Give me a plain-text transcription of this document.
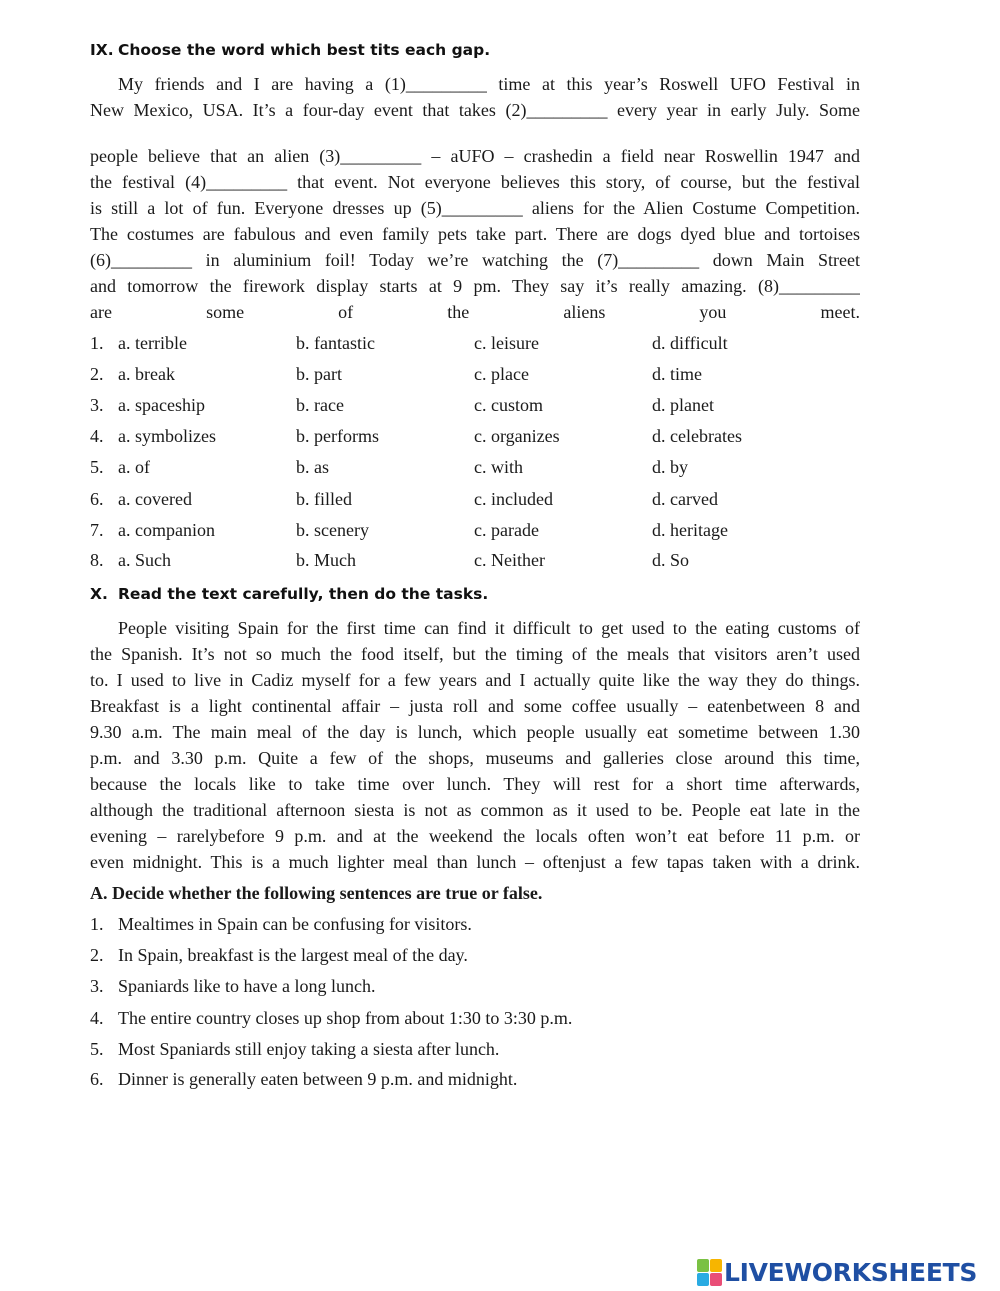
IX. Choose the word which best tits each gap.
My friends and I are having a (1)_________ time at this year’s Roswell UFO Festival in
New Mexico, USA. It’s a four-day event that takes (2)_________ every year in early July. Some
people believe that an alien (3)_________ – aUFO – crashedin a field near Roswellin 1947 and
the festival (4)_________ that event. Not everyone believes this story, of course, but the festival
is still a lot of fun. Everyone dresses up (5)_________ aliens for the Alien Costume Competition.
The costumes are fabulous and even family pets take part. There are dogs dyed blue and tortoises
(6)_________ in aluminium foil! Today we’re watching the (7)_________ down Main Street
and tomorrow the firework display starts at 9 pm. They say it’s really amazing. (8)_________
are some of the aliens you meet.
1. a. terrible	b. fantastic	c. leisure	d. difficult
2. a. break	b. part	c. place	d. time
3. a. spaceship	b. race	c. custom	d. planet
4. a. symbolizes	b. performs	c. organizes	d. celebrates
5. a. of	b. as	c. with	d. by
6. a. covered	b. filled	c. included	d. carved
7. a. companion	b. scenery	c. parade	d. heritage
8. a. Such	b. Much	c. Neither	d. So
X. Read the text carefully, then do the tasks.
People visiting Spain for the first time can find it difficult to get used to the eating customs of
the Spanish. It’s not so much the food itself, but the timing of the meals that visitors aren’t used
to. I used to live in Cadiz myself for a few years and I actually quite like the way they do things.
Breakfast is a light continental affair – justa roll and some coffee usually – eatenbetween 8 and
9.30 a.m. The main meal of the day is lunch, which people usually eat sometime between 1.30
p.m. and 3.30 p.m. Quite a few of the shops, museums and galleries close around this time,
because the locals like to take time over lunch. They will rest for a short time afterwards,
although the traditional afternoon siesta is not as common as it used to be. People eat late in the
evening – rarelybefore 9 p.m. and at the weekend the locals often won’t eat before 11 p.m. or
even midnight. This is a much lighter meal than lunch – oftenjust a few tapas taken with a drink.
A. Decide whether the following sentences are true or false.
1. Mealtimes in Spain can be confusing for visitors.
2. In Spain, breakfast is the largest meal of the day.
3. Spaniards like to have a long lunch.
4. The entire country closes up shop from about 1:30 to 3:30 p.m.
5. Most Spaniards still enjoy taking a siesta after lunch.
6. Dinner is generally eaten between 9 p.m. and midnight.
LIVEWORKSHEETS
